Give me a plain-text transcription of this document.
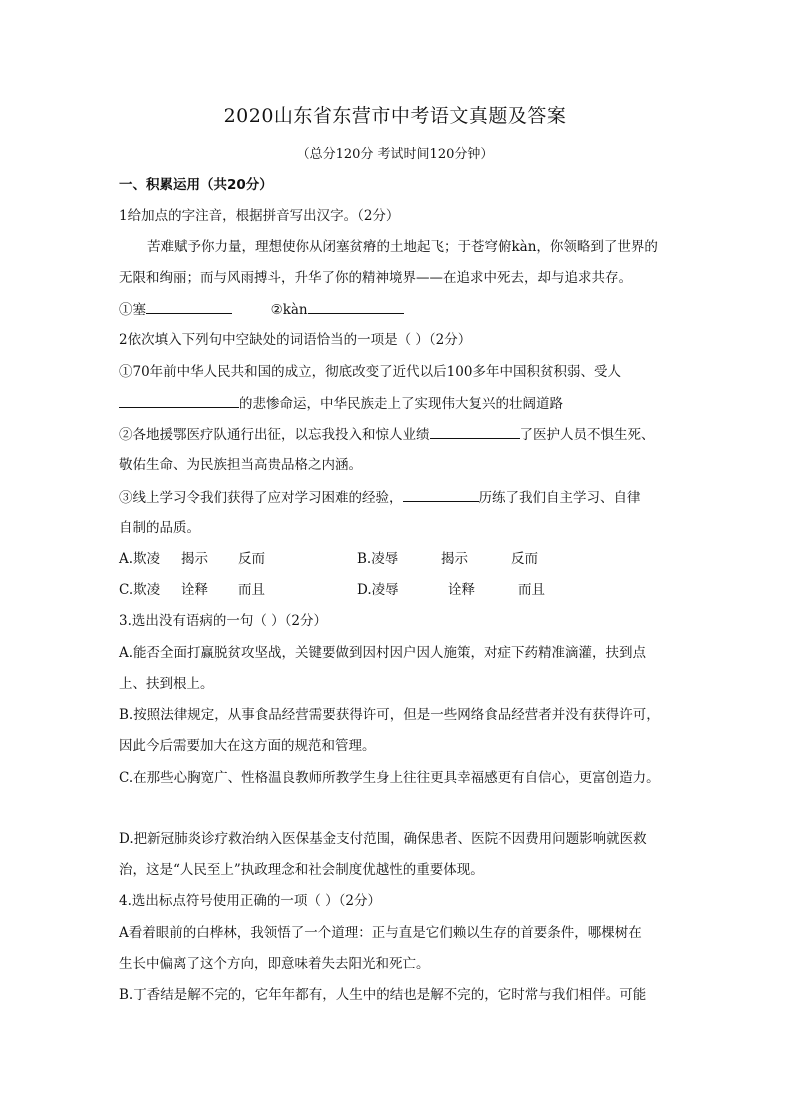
2020山东省东营市中考语文真题及答案
（总分120分 考试时间120分钟）
一、积累运用（共20分）
1给加点的字注音，根据拼音写出汉字。（2分）
苦难赋予你力量，理想使你从闭塞贫瘠的土地起飞；于苍穹俯kàn，你领略到了世界的
无限和绚丽；而与风雨搏斗，升华了你的精神境界——在追求中死去，却与追求共存。
①塞	②kàn
2依次填入下列句中空缺处的词语恰当的一项是（ ）（2分）
①70年前中华人民共和国的成立，彻底改变了近代以后100多年中国积贫积弱、受人
的悲惨命运，中华民族走上了实现伟大复兴的壮阔道路
②各地援鄂医疗队通行出征，以忘我投入和惊人业绩	了医护人员不惧生死、
敬佑生命、为民族担当高贵品格之内涵。
③线上学习令我们获得了应对学习困难的经验，	历练了我们自主学习、自律
自制的品质。
A.欺凌 揭示 反而	B.凌辱	揭示	反而
C.欺凌 诠释 而且	D.凌辱	诠释	而且
3.选出没有语病的一句（ ）（2分）
A.能否全面打赢脱贫攻坚战，关键要做到因村因户因人施策，对症下药精准滴灌，扶到点
上、扶到根上。
B.按照法律规定，从事食品经营需要获得许可，但是一些网络食品经营者并没有获得许可，
因此今后需要加大在这方面的规范和管理。
C.在那些心胸宽广、性格温良教师所教学生身上往往更具幸福感更有自信心，更富创造力。
D.把新冠肺炎诊疗救治纳入医保基金支付范围，确保患者、医院不因费用问题影响就医救
治，这是“人民至上”执政理念和社会制度优越性的重要体现。
4.选出标点符号使用正确的一项（ ）（2分）
A看着眼前的白桦林，我领悟了一个道理：正与直是它们赖以生存的首要条件，哪棵树在
生长中偏离了这个方向，即意味着失去阳光和死亡。
B.丁香结是解不完的，它年年都有，人生中的结也是解不完的，它时常与我们相伴。可能
